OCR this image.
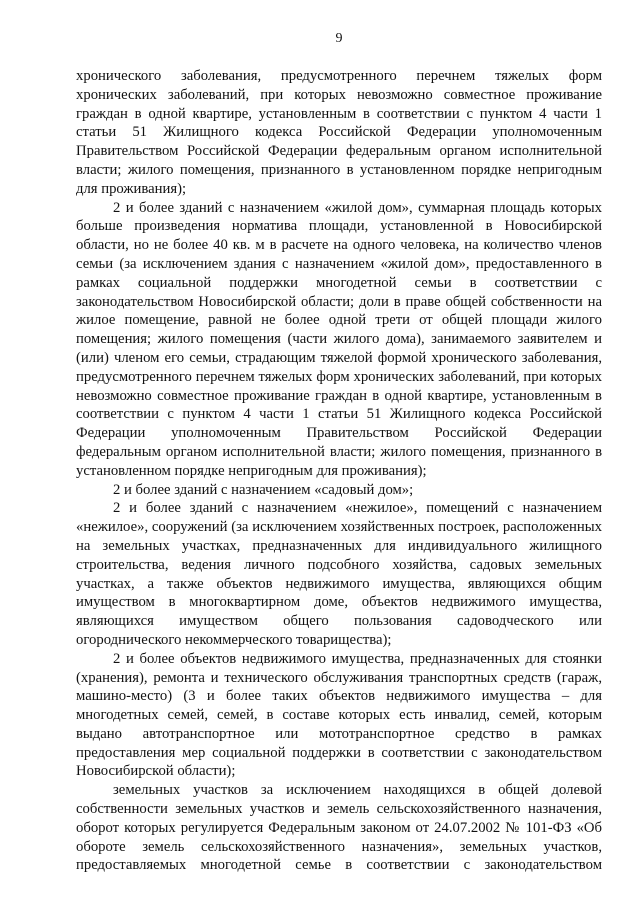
9

хронического заболевания, предусмотренного перечнем тяжелых форм хронических заболеваний, при которых невозможно совместное проживание граждан в одной квартире, установленным в соответствии с пунктом 4 части 1 статьи 51 Жилищного кодекса Российской Федерации уполномоченным Правительством Российской Федерации федеральным органом исполнительной власти; жилого помещения, признанного в установленном порядке непригодным для проживания);

2 и более зданий с назначением «жилой дом», суммарная площадь которых больше произведения норматива площади, установленной в Новосибирской области, но не более 40 кв. м в расчете на одного человека, на количество членов семьи (за исключением здания с назначением «жилой дом», предоставленного в рамках социальной поддержки многодетной семьи в соответствии с законодательством Новосибирской области; доли в праве общей собственности на жилое помещение, равной не более одной трети от общей площади жилого помещения; жилого помещения (части жилого дома), занимаемого заявителем и (или) членом его семьи, страдающим тяжелой формой хронического заболевания, предусмотренного перечнем тяжелых форм хронических заболеваний, при которых невозможно совместное проживание граждан в одной квартире, установленным в соответствии с пунктом 4 части 1 статьи 51 Жилищного кодекса Российской Федерации уполномоченным Правительством Российской Федерации федеральным органом исполнительной власти; жилого помещения, признанного в установленном порядке непригодным для проживания);

2 и более зданий с назначением «садовый дом»;

2 и более зданий с назначением «нежилое», помещений с назначением «нежилое», сооружений (за исключением хозяйственных построек, расположенных на земельных участках, предназначенных для индивидуального жилищного строительства, ведения личного подсобного хозяйства, садовых земельных участках, а также объектов недвижимого имущества, являющихся общим имуществом в многоквартирном доме, объектов недвижимого имущества, являющихся имуществом общего пользования садоводческого или огороднического некоммерческого товарищества);

2 и более объектов недвижимого имущества, предназначенных для стоянки (хранения), ремонта и технического обслуживания транспортных средств (гараж, машино-место) (3 и более таких объектов недвижимого имущества – для многодетных семей, семей, в составе которых есть инвалид, семей, которым выдано автотранспортное или мототранспортное средство в рамках предоставления мер социальной поддержки в соответствии с законодательством Новосибирской области);

земельных участков за исключением находящихся в общей долевой собственности земельных участков и земель сельскохозяйственного назначения, оборот которых регулируется Федеральным законом от 24.07.2002 № 101-ФЗ «Об обороте земель сельскохозяйственного назначения», земельных участков, предоставляемых многодетной семье в соответствии с законодательством
